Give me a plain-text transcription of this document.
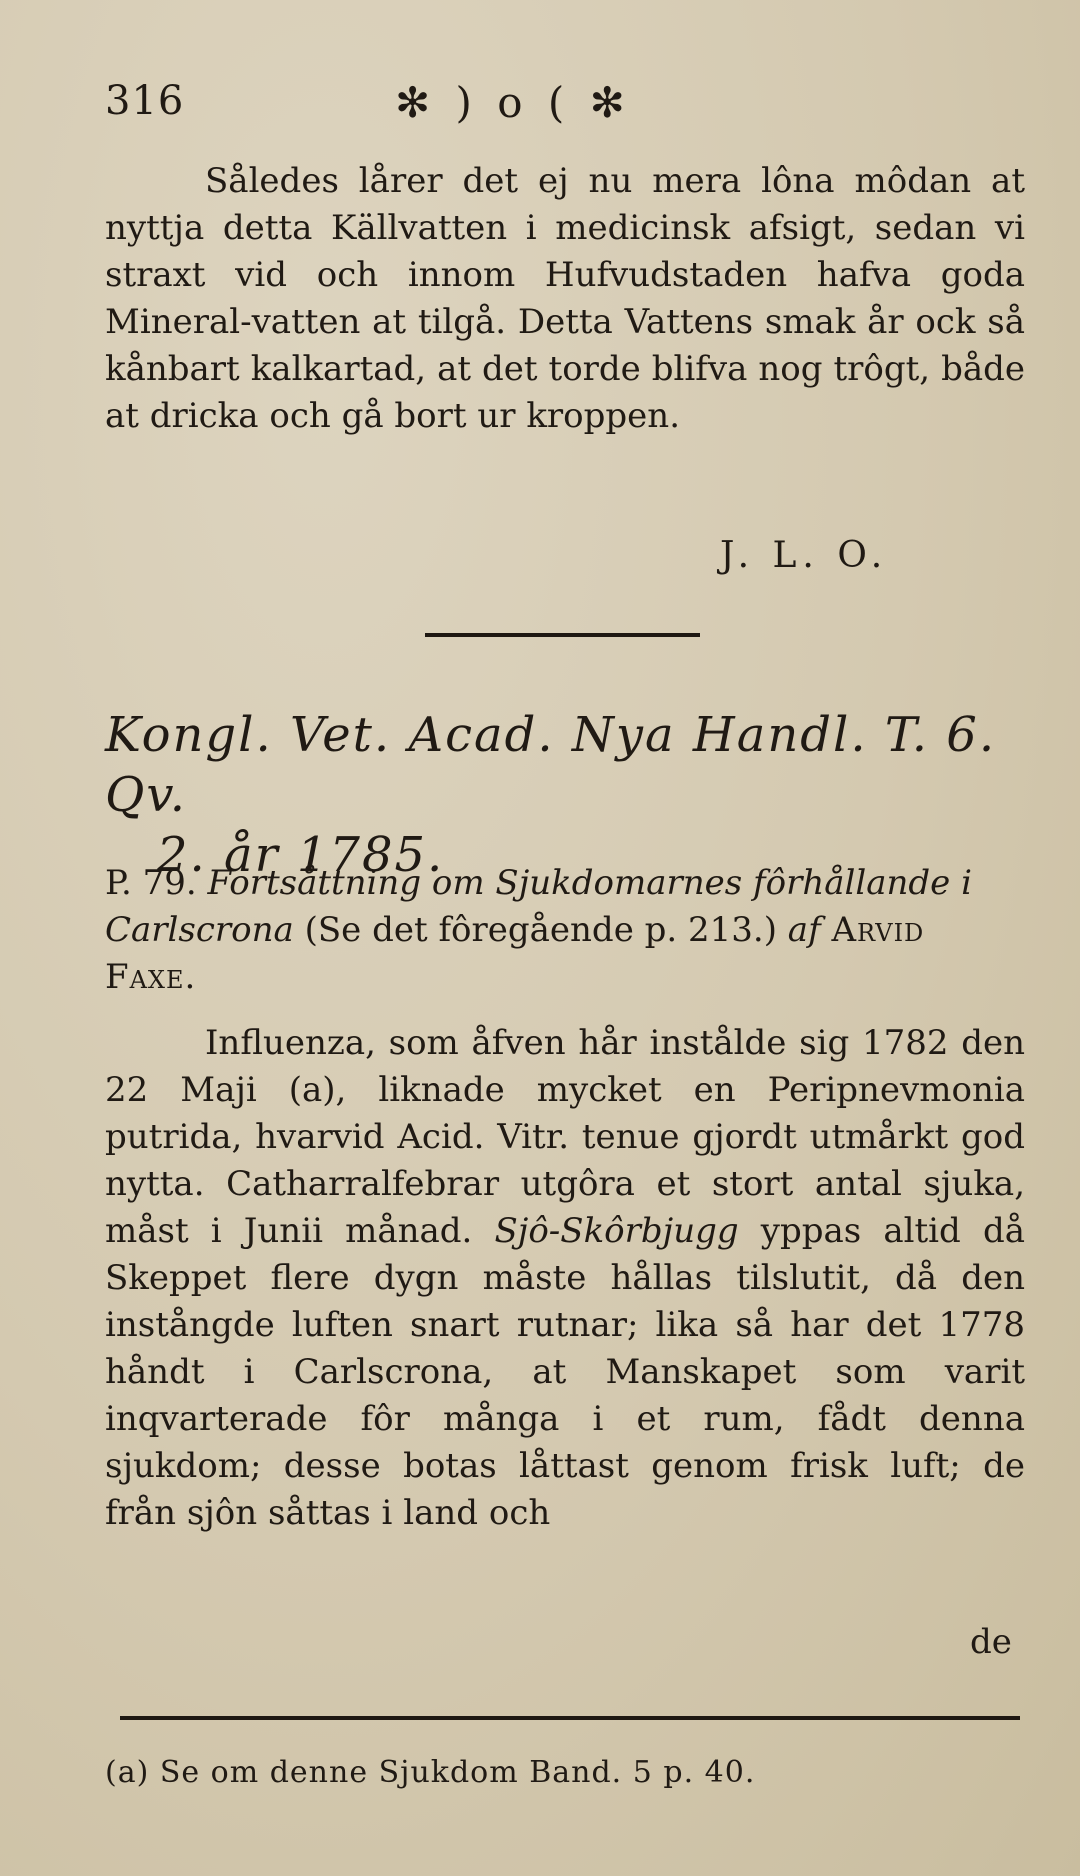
316	✻ ) o ( ✻
Således lårer det ej nu mera lôna môdan at nyttja detta Källvatten i medicinsk afsigt, sedan vi straxt vid och innom Hufvudstaden hafva goda Mineral-vatten at tilgå. Detta Vattens smak år ock så kånbart kalkartad, at det torde blifva nog trôgt, både at dricka och gå bort ur kroppen.
J. L. O.
Kongl. Vet. Acad. Nya Handl. T. 6. Qv.
2. år 1785.
P. 79. Fortsåttning om Sjukdomarnes fôrhållande i Carlscrona (Se det fôregående p. 213.) af Arvid Faxe.
Influenza, som åfven hår instålde sig 1782 den 22 Maji (a), liknade mycket en Peripnevmonia putrida, hvarvid Acid. Vitr. tenue gjordt utmårkt god nytta. Catharralfebrar utgôra et stort antal sjuka, måst i Junii månad. Sjô-Skôrbjugg yppas altid då Skeppet flere dygn måste hållas tilslutit, då den instångde luften snart rutnar; lika så har det 1778 håndt i Carlscrona, at Manskapet som varit inqvarterade fôr många i et rum, fådt denna sjukdom; desse botas låttast genom frisk luft; de från sjôn såttas i land och
de
(a) Se om denne Sjukdom Band. 5 p. 40.
